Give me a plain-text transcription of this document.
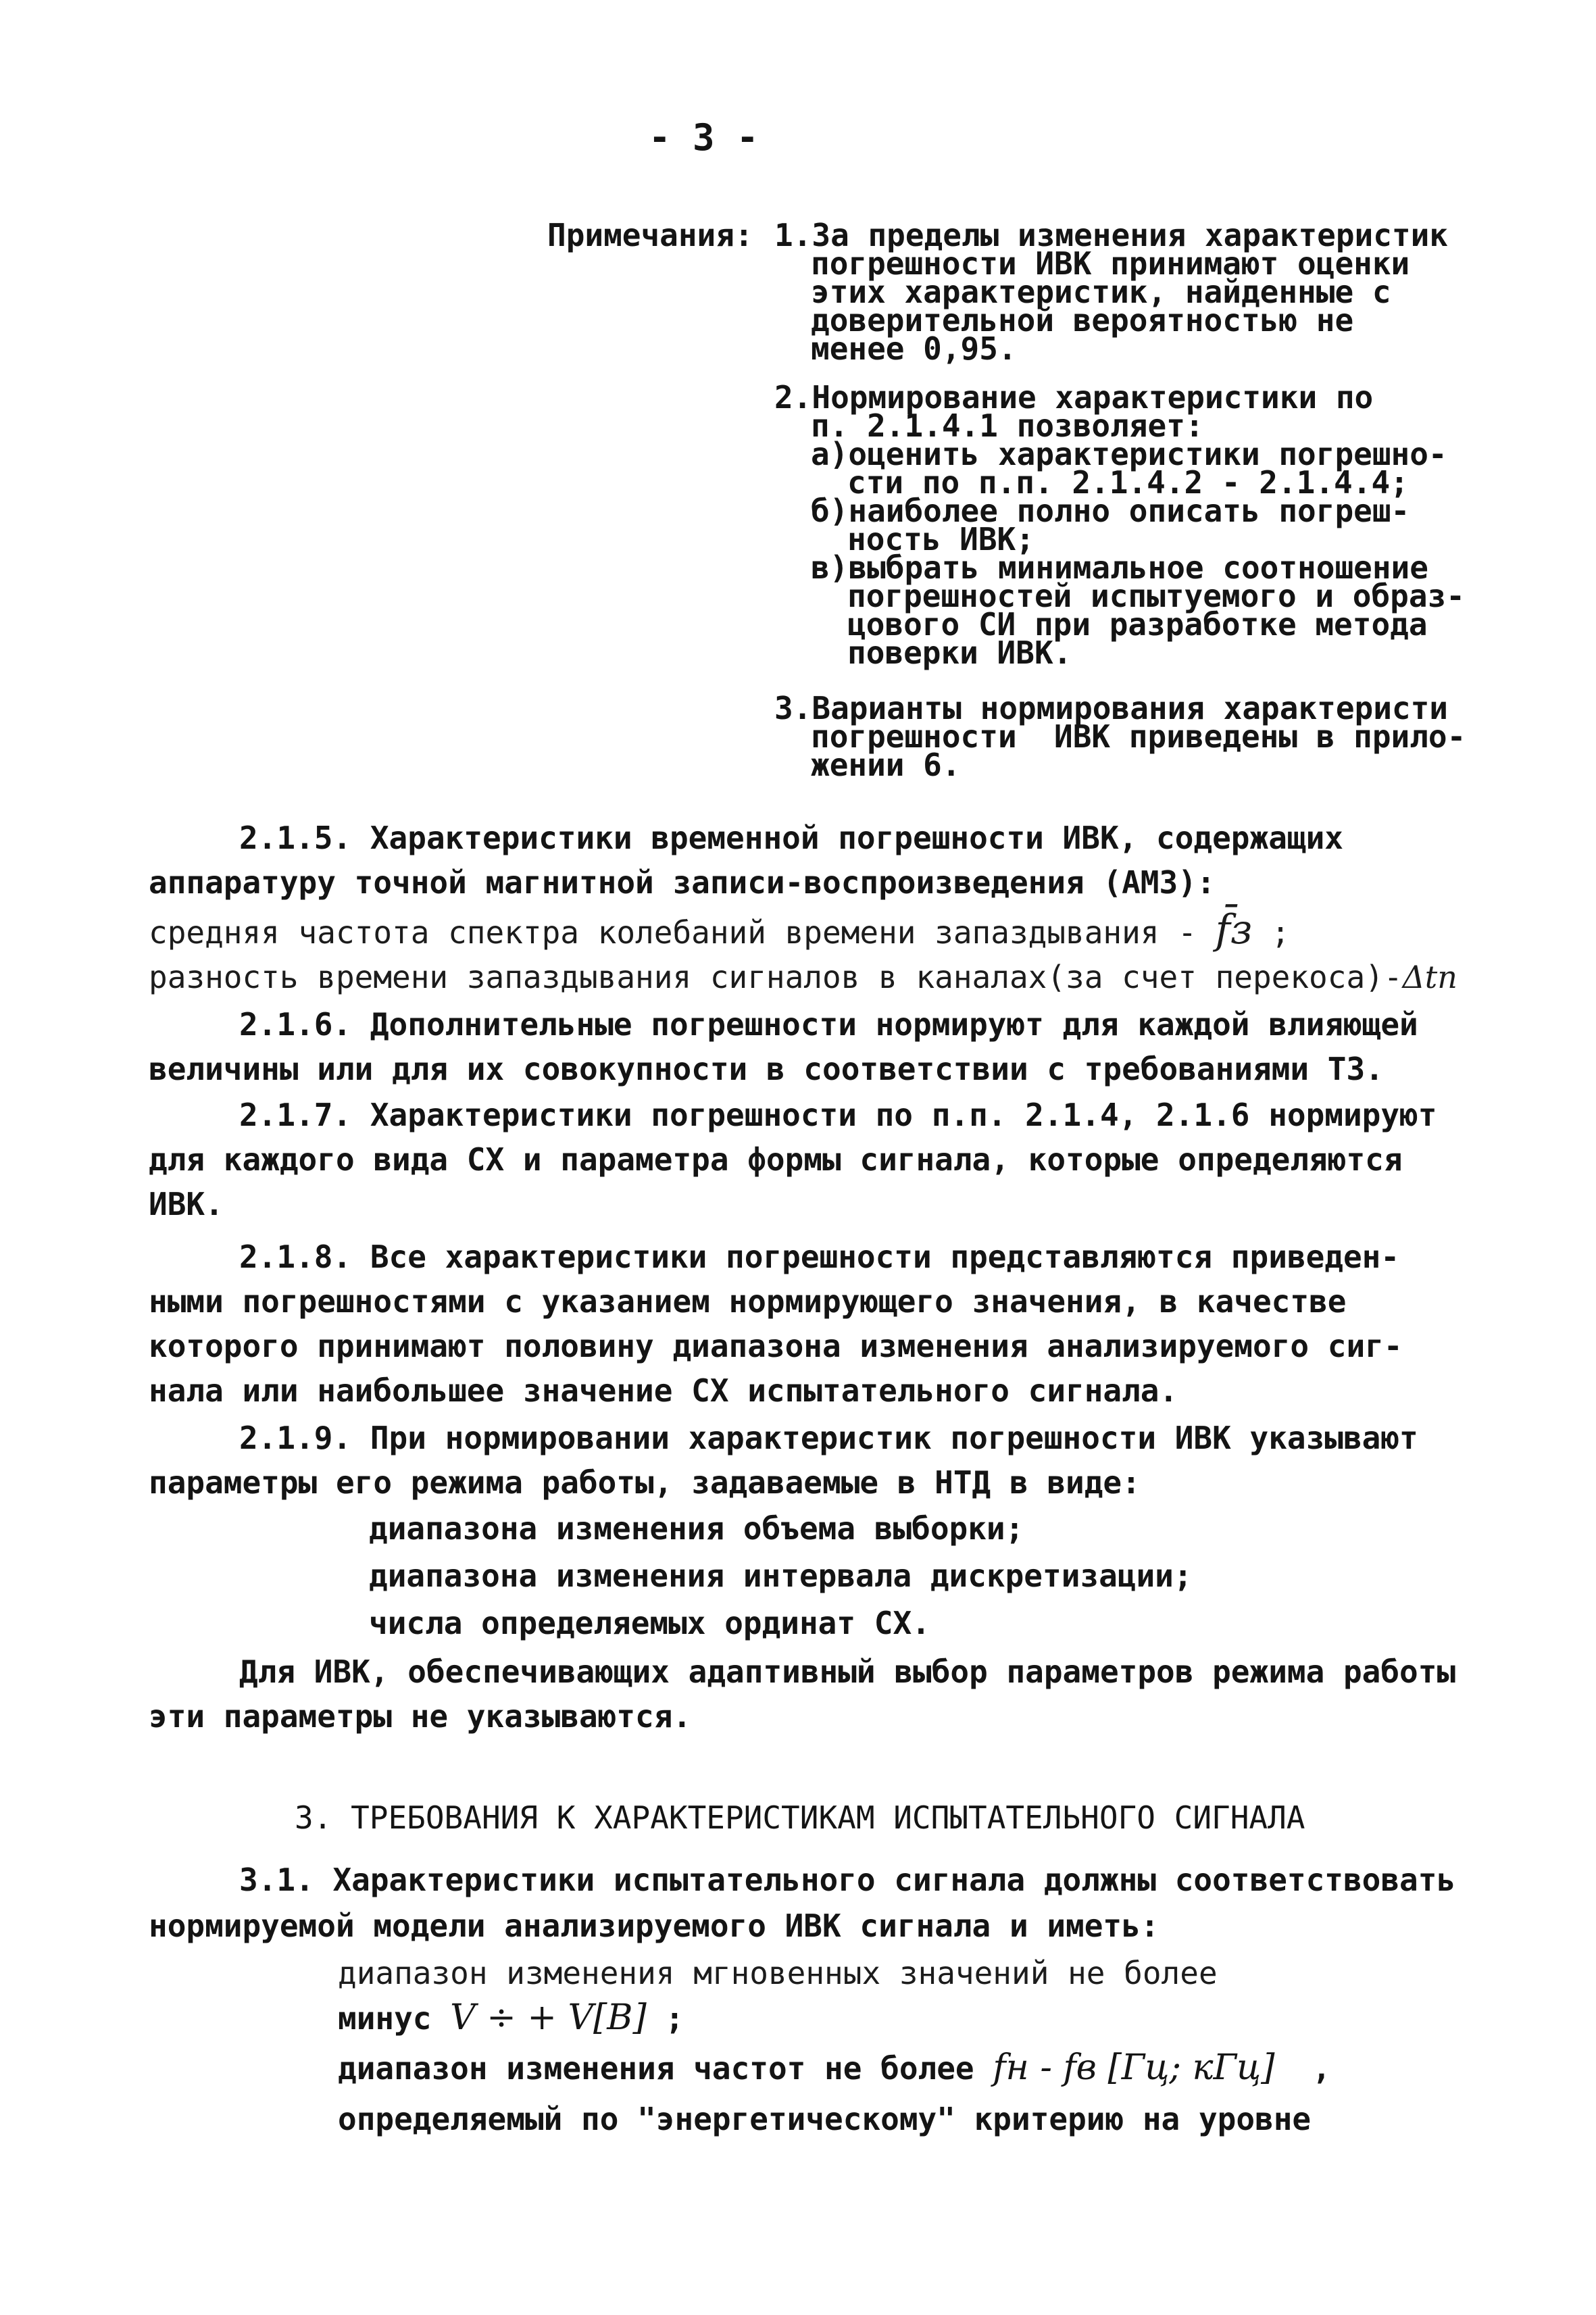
- 3 -
Примечания: 1.За пределы изменения характеристик
погрешности ИВК принимают оценки
этих характеристик, найденные с
доверительной вероятностью не
менее 0,95.
2.Нормирование характеристики по
п. 2.1.4.1 позволяет:
а)оценить характеристики погрешно-
сти по п.п. 2.1.4.2 - 2.1.4.4;
б)наиболее полно описать погреш-
ность ИВК;
в)выбрать минимальное соотношение
погрешностей испытуемого и образ-
цового СИ при разработке метода
поверки ИВК.
3.Варианты нормирования характеристи
погрешности  ИВК приведены в прило-
жении 6.
2.1.5. Характеристики временной погрешности ИВК, содержащих
аппаратуру точной магнитной записи-воспроизведения (АМЗ):
средняя частота спектра колебаний времени запаздывания - f̄з ;
разность времени запаздывания сигналов в каналах(за счет перекоса)-Δtn
2.1.6. Дополнительные погрешности нормируют для каждой влияющей
величины или для их совокупности в соответствии с требованиями ТЗ.
2.1.7. Характеристики погрешности по п.п. 2.1.4, 2.1.6 нормируют
для каждого вида СХ и параметра формы сигнала, которые определяются
ИВК.
2.1.8. Все характеристики погрешности представляются приведен-
ными погрешностями с указанием нормирующего значения, в качестве
которого принимают половину диапазона изменения анализируемого сиг-
нала или наибольшее значение СХ испытательного сигнала.
2.1.9. При нормировании характеристик погрешности ИВК указывают
параметры его режима работы, задаваемые в НТД в виде:
диапазона изменения объема выборки;
диапазона изменения интервала дискретизации;
числа определяемых ординат СХ.
Для ИВК, обеспечивающих адаптивный выбор параметров режима работы
эти параметры не указываются.
3. ТРЕБОВАНИЯ К ХАРАКТЕРИСТИКАМ ИСПЫТАТЕЛЬНОГО СИГНАЛА
3.1. Характеристики испытательного сигнала должны соответствовать
нормируемой модели анализируемого ИВК сигнала и иметь:
диапазон изменения мгновенных значений не более
минус V ÷ + V[B] ;
диапазон изменения частот не более fн - fв [Гц; кГц]  ,
определяемый по "энергетическому" критерию на уровне
